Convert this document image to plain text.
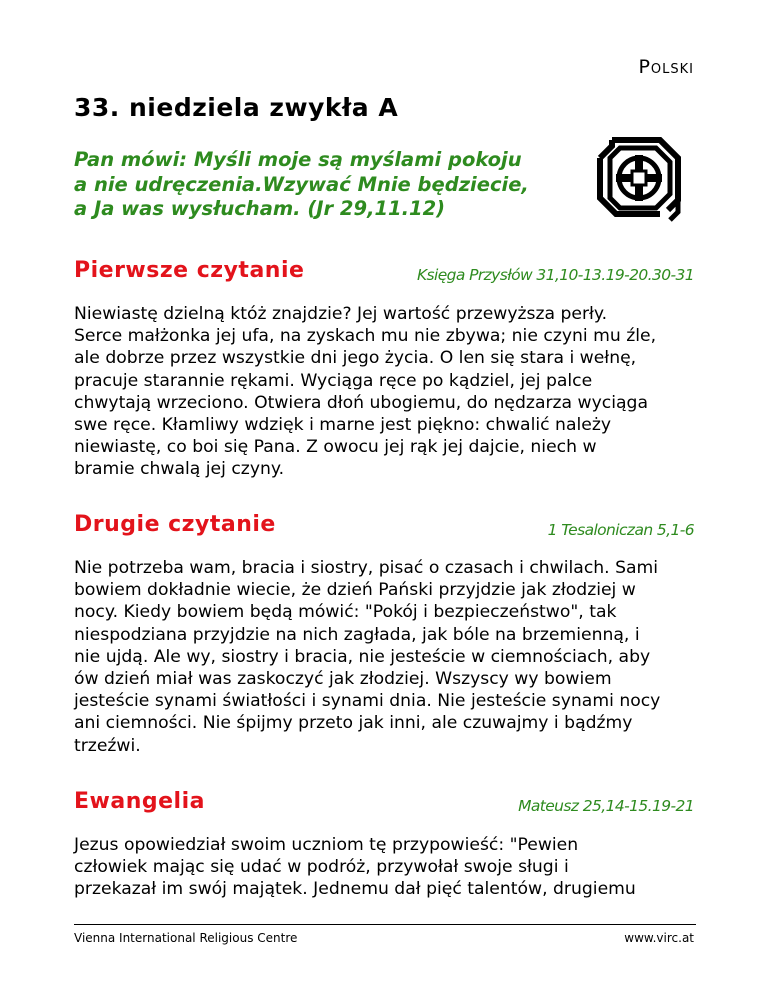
Polski
33. niedziela zwykła A
Pan mówi: Myśli moje są myślami pokoju
a nie udręczenia.Wzywać Mnie będziecie,
a Ja was wysłucham. (Jr 29,11.12)
Pierwsze czytanie	Księga Przysłów 31,10-13.19-20.30-31
Niewiastę dzielną któż znajdzie? Jej wartość przewyższa perły.
Serce małżonka jej ufa, na zyskach mu nie zbywa; nie czyni mu źle,
ale dobrze przez wszystkie dni jego życia. O len się stara i wełnę,
pracuje starannie rękami. Wyciąga ręce po kądziel, jej palce
chwytają wrzeciono. Otwiera dłoń ubogiemu, do nędzarza wyciąga
swe ręce. Kłamliwy wdzięk i marne jest piękno: chwalić należy
niewiastę, co boi się Pana. Z owocu jej rąk jej dajcie, niech w
bramie chwalą jej czyny.
Drugie czytanie	1 Tesaloniczan 5,1-6
Nie potrzeba wam, bracia i siostry, pisać o czasach i chwilach. Sami
bowiem dokładnie wiecie, że dzień Pański przyjdzie jak złodziej w
nocy. Kiedy bowiem będą mówić: "Pokój i bezpieczeństwo", tak
niespodziana przyjdzie na nich zagłada, jak bóle na brzemienną, i
nie ujdą. Ale wy, siostry i bracia, nie jesteście w ciemnościach, aby
ów dzień miał was zaskoczyć jak złodziej. Wszyscy wy bowiem
jesteście synami światłości i synami dnia. Nie jesteście synami nocy
ani ciemności. Nie śpijmy przeto jak inni, ale czuwajmy i bądźmy
trzeźwi.
Ewangelia	Mateusz 25,14-15.19-21
Jezus opowiedział swoim uczniom tę przypowieść: "Pewien
człowiek mając się udać w podróż, przywołał swoje sługi i
przekazał im swój majątek. Jednemu dał pięć talentów, drugiemu
Vienna International Religious Centre	www.virc.at
